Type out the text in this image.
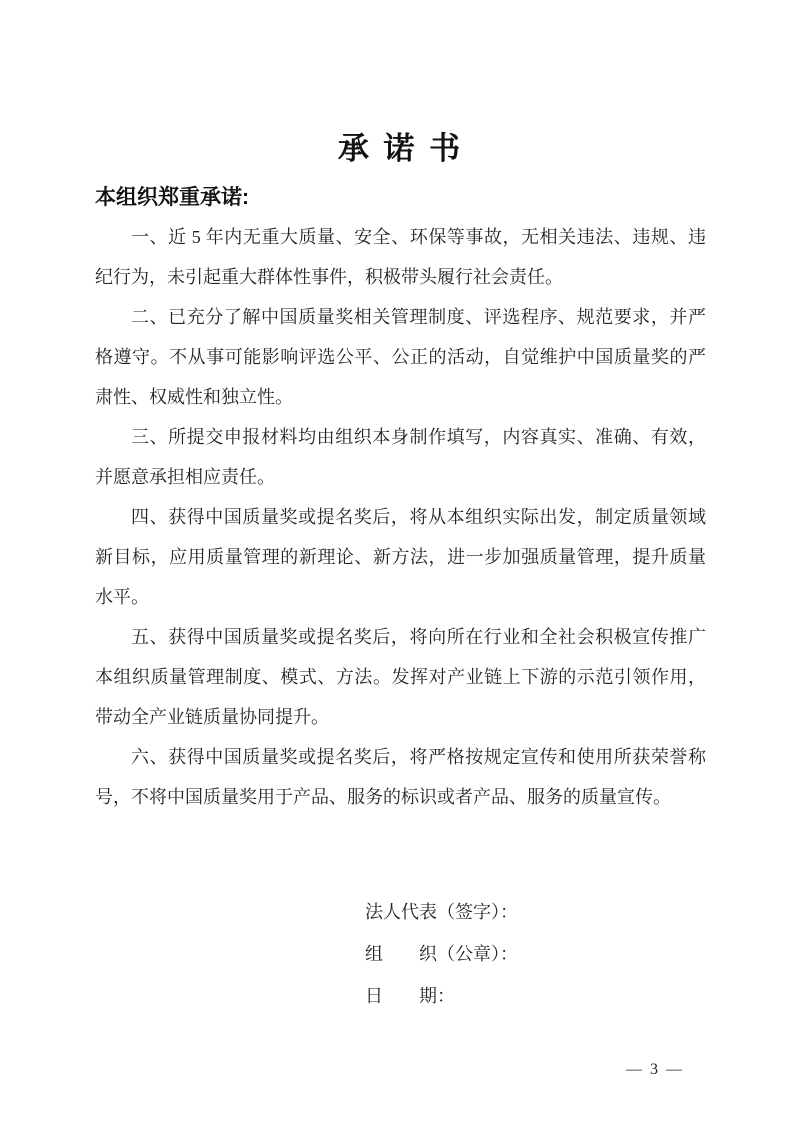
承 诺 书
本组织郑重承诺:

一、近 5 年内无重大质量、安全、环保等事故，无相关违法、违规、违纪行为，未引起重大群体性事件，积极带头履行社会责任。

二、已充分了解中国质量奖相关管理制度、评选程序、规范要求，并严格遵守。不从事可能影响评选公平、公正的活动，自觉维护中国质量奖的严肃性、权威性和独立性。

三、所提交申报材料均由组织本身制作填写，内容真实、准确、有效，并愿意承担相应责任。

四、获得中国质量奖或提名奖后，将从本组织实际出发，制定质量领域新目标，应用质量管理的新理论、新方法，进一步加强质量管理，提升质量水平。

五、获得中国质量奖或提名奖后，将向所在行业和全社会积极宣传推广本组织质量管理制度、模式、方法。发挥对产业链上下游的示范引领作用，带动全产业链质量协同提升。

六、获得中国质量奖或提名奖后，将严格按规定宣传和使用所获荣誉称号，不将中国质量奖用于产品、服务的标识或者产品、服务的质量宣传。

法人代表（签字）：
组　　织（公章）：
日　　期：
— 3 —
